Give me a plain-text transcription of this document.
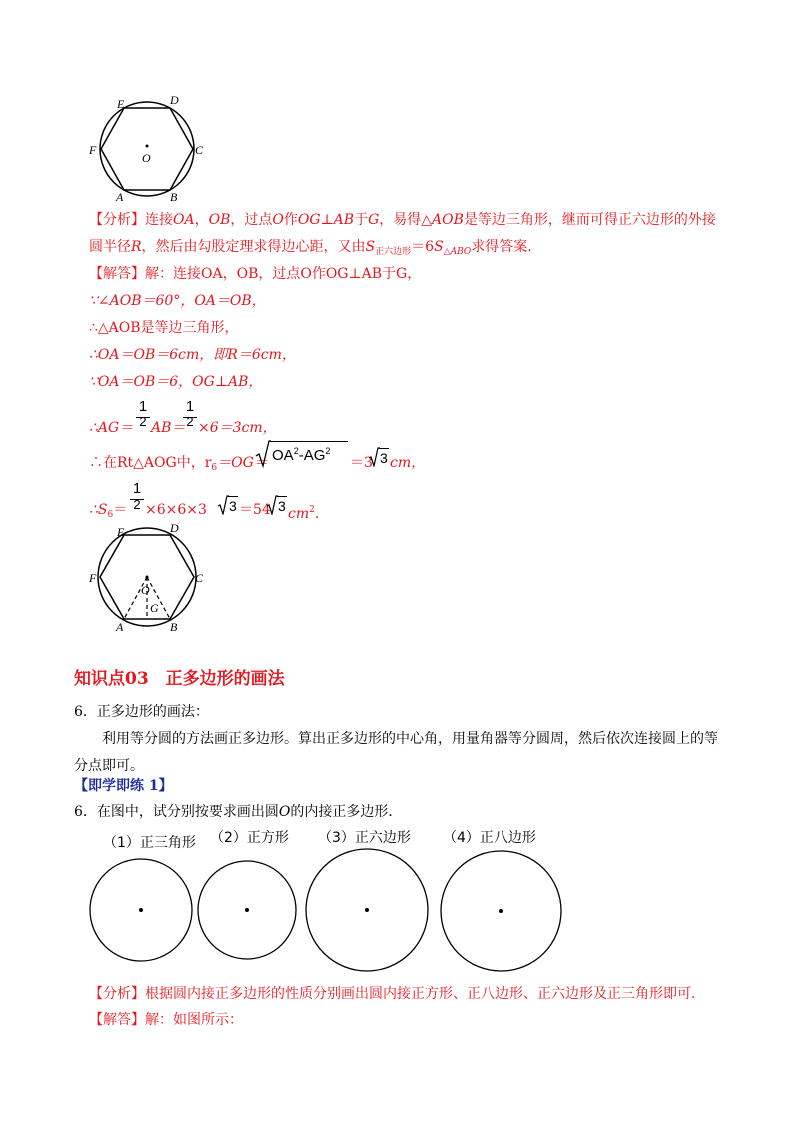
E	D
F	C
O
A	B
【分析】连接OA，OB，过点O作OG⊥AB于G，易得△AOB是等边三角形，继而可得正六边形的外接
圆半径R，然后由勾股定理求得边心距，又由$S_{正六边形}=6S_{\triangle ABO}$求得答案.
【解答】解：连接OA，OB，过点O作OG⊥AB于G，
∵∠AOB＝60°，OA＝OB，
∴△AOB是等边三角形，
∴OA＝OB＝6cm，即R＝6cm，
∵OA＝OB＝6，OG⊥AB，
1
2
1
2
∴AG＝ AB＝ ×6＝3cm，
∴在Rt△AOG中，$r_6=OG= OA^2-AG^2$
＝3 3 cm，
1
2
$\therefore S_6= \times 6\times 6\times 3$ 3 ＝54 3 $cm^2$.
E	D
F	C
O
G
A	B
知识点03　正多边形的画法
6．正多边形的画法：
利用等分圆的方法画正多边形。算出正多边形的中心角，用量角器等分圆周，然后依次连接圆上的等
分点即可。
【即学即练 1】
6．在图中，试分别按要求画出圆O的内接正多边形．
（1）正三角形 （2）正方形 （3）正六边形 （4）正八边形
【分析】根据圆内接正多边形的性质分别画出圆内接正方形、正八边形、正六边形及正三角形即可.
【解答】解：如图所示：
